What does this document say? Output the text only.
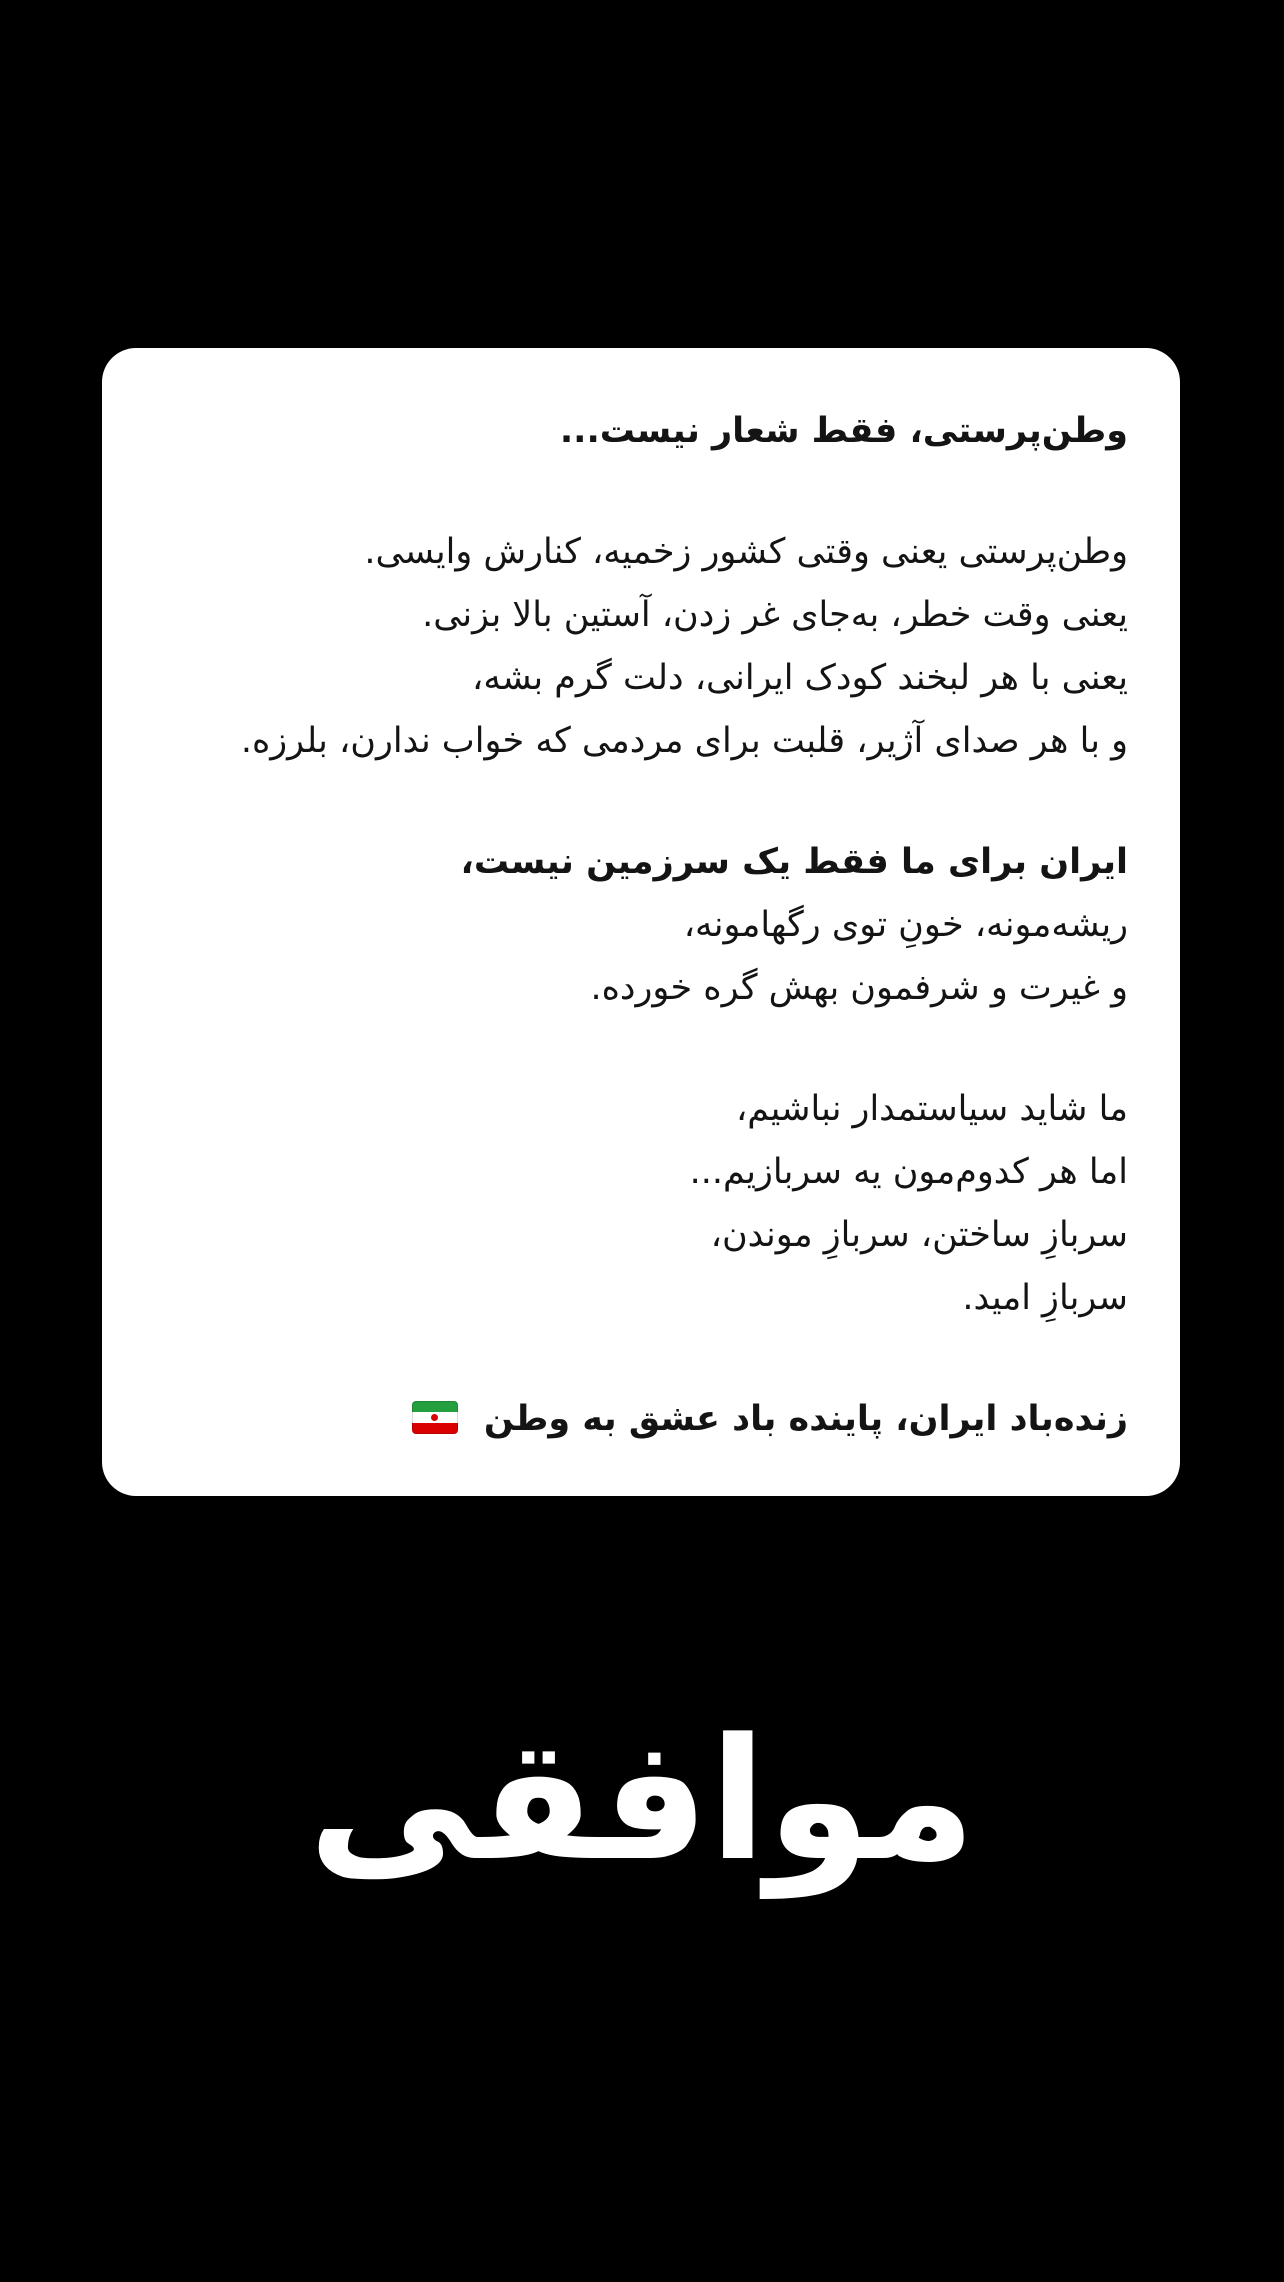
وطن‌پرستی، فقط شعار نیست...
وطن‌پرستی یعنی وقتی کشور زخمیه، کنارش وایسی.
یعنی وقت خطر، به‌جای غر زدن، آستین بالا بزنی.
یعنی با هر لبخند کودک ایرانی، دلت گرم بشه،
و با هر صدای آژیر، قلبت برای مردمی که خواب ندارن، بلرزه.
ایران برای ما فقط یک سرزمین نیست،
ریشه‌مونه، خونِ توی رگهامونه،
و غیرت و شرفمون بهش گره خورده.
ما شاید سیاستمدار نباشیم،
اما هر کدوم‌مون یه سربازیم...
سربازِ ساختن، سربازِ موندن،
سربازِ امید.
زنده‌باد ایران، پاینده باد عشق به وطن
موافقی
